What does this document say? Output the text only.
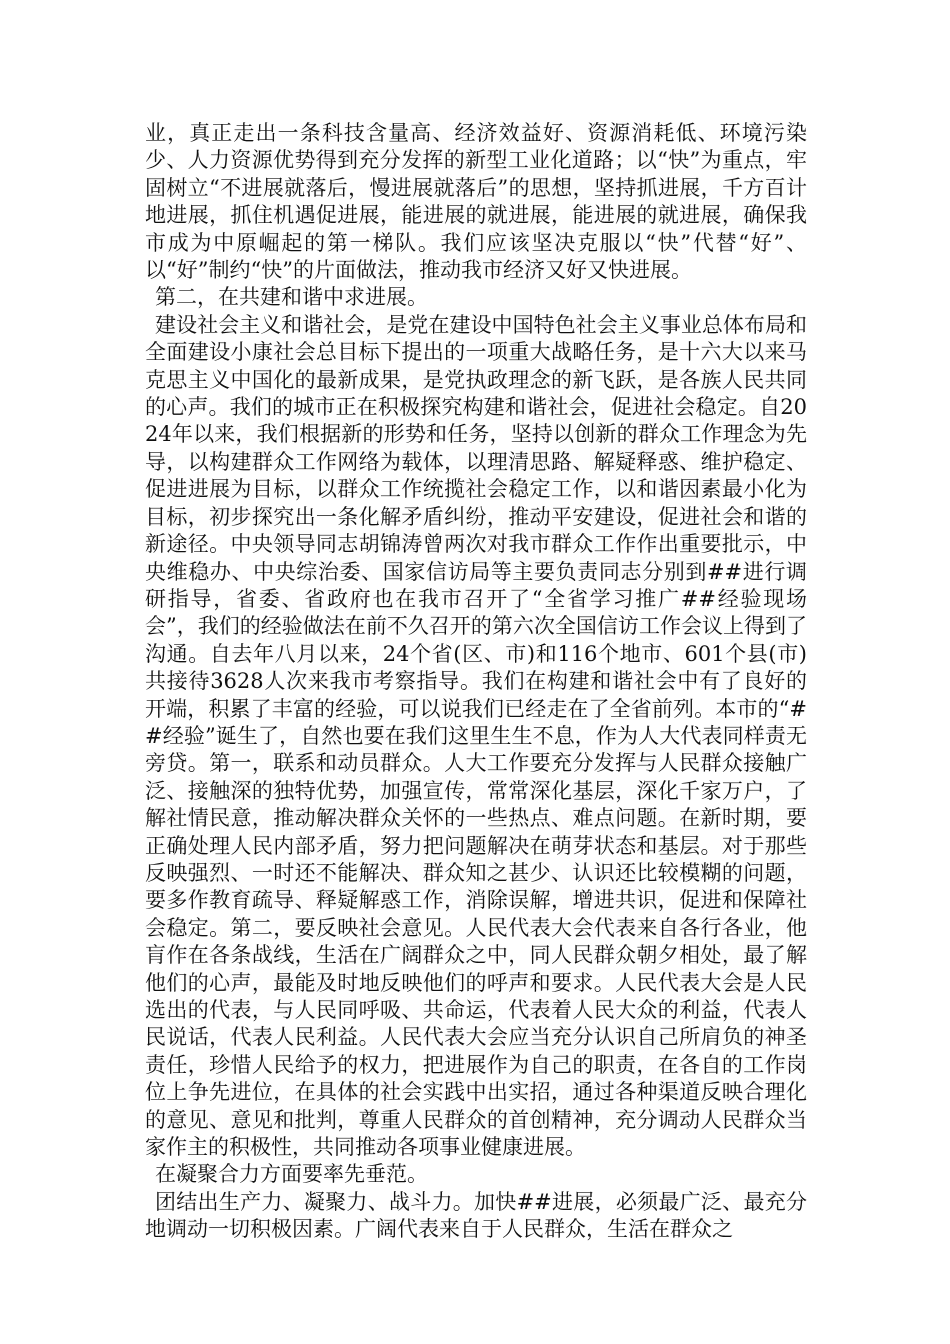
业，真正走出一条科技含量高、经济效益好、资源消耗低、环境污染少、人力资源优势得到充分发挥的新型工业化道路；以“快”为重点，牢固树立“不进展就落后，慢进展就落后”的思想，坚持抓进展，千方百计地进展，抓住机遇促进展，能进展的就进展，能进展的就进展，确保我市成为中原崛起的第一梯队。我们应该坚决克服以“快”代替“好”、以“好”制约“快”的片面做法，推动我市经济又好又快进展。

第二，在共建和谐中求进展。

建设社会主义和谐社会，是党在建设中国特色社会主义事业总体布局和全面建设小康社会总目标下提出的一项重大战略任务，是十六大以来马克思主义中国化的最新成果，是党执政理念的新飞跃，是各族人民共同的心声。我们的城市正在积极探究构建和谐社会，促进社会稳定。自2024年以来，我们根据新的形势和任务，坚持以创新的群众工作理念为先导，以构建群众工作网络为载体，以理清思路、解疑释惑、维护稳定、促进进展为目标，以群众工作统揽社会稳定工作，以和谐因素最小化为目标，初步探究出一条化解矛盾纠纷，推动平安建设，促进社会和谐的新途径。中央领导同志胡锦涛曾两次对我市群众工作作出重要批示，中央维稳办、中央综治委、国家信访局等主要负责同志分别到##进行调研指导，省委、省政府也在我市召开了“全省学习推广##经验现场会”，我们的经验做法在前不久召开的第六次全国信访工作会议上得到了沟通。自去年八月以来，24个省(区、市)和116个地市、601个县(市)共接待3628人次来我市考察指导。我们在构建和谐社会中有了良好的开端，积累了丰富的经验，可以说我们已经走在了全省前列。本市的“##经验”诞生了，自然也要在我们这里生生不息，作为人大代表同样责无旁贷。第一，联系和动员群众。人大工作要充分发挥与人民群众接触广泛、接触深的独特优势，加强宣传，常常深化基层，深化千家万户，了解社情民意，推动解决群众关怀的一些热点、难点问题。在新时期，要正确处理人民内部矛盾，努力把问题解决在萌芽状态和基层。对于那些反映强烈、一时还不能解决、群众知之甚少、认识还比较模糊的问题，要多作教育疏导、释疑解惑工作，消除误解，增进共识，促进和保障社会稳定。第二，要反映社会意见。人民代表大会代表来自各行各业，他肓作在各条战线，生活在广阔群众之中，同人民群众朝夕相处，最了解他们的心声，最能及时地反映他们的呼声和要求。人民代表大会是人民选出的代表，与人民同呼吸、共命运，代表着人民大众的利益，代表人民说话，代表人民利益。人民代表大会应当充分认识自己所肩负的神圣责任，珍惜人民给予的权力，把进展作为自己的职责，在各自的工作岗位上争先进位，在具体的社会实践中出实招，通过各种渠道反映合理化的意见、意见和批判，尊重人民群众的首创精神，充分调动人民群众当家作主的积极性，共同推动各项事业健康进展。

在凝聚合力方面要率先垂范。

团结出生产力、凝聚力、战斗力。加快##进展，必须最广泛、最充分地调动一切积极因素。广阔代表来自于人民群众，生活在群众之
